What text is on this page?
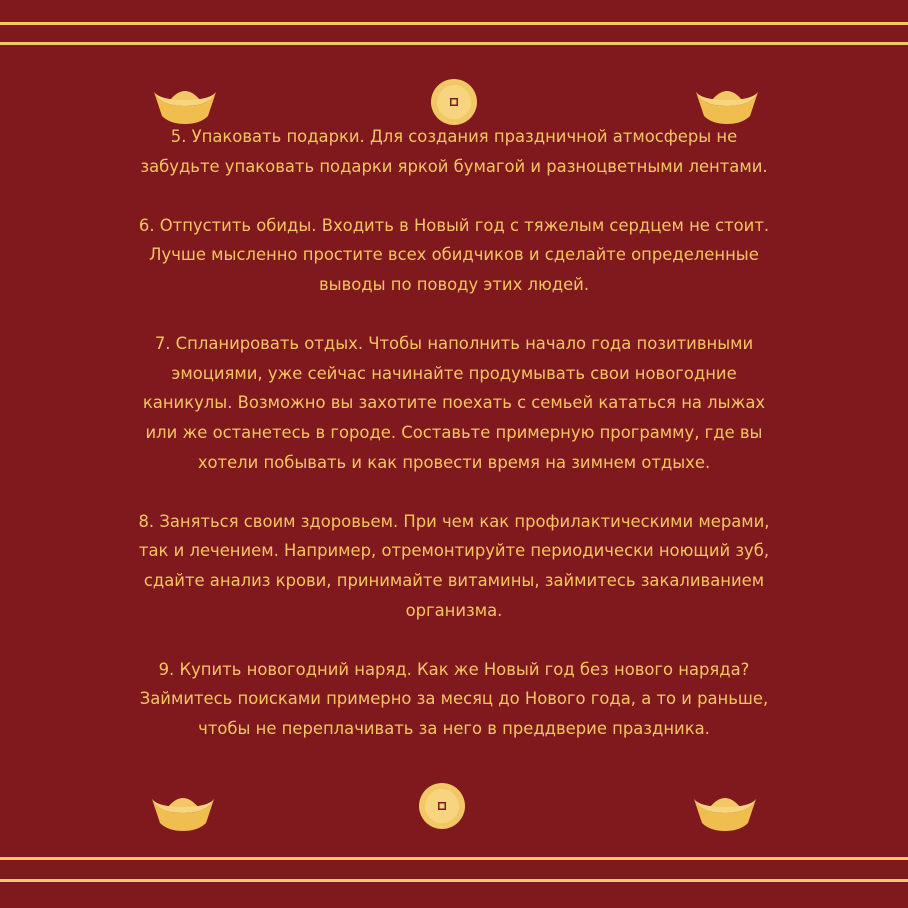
5. Упаковать подарки. Для создания праздничной атмосферы не
забудьте упаковать подарки яркой бумагой и разноцветными лентами.

6. Отпустить обиды. Входить в Новый год с тяжелым сердцем не стоит.
Лучше мысленно простите всех обидчиков и сделайте определенные
выводы по поводу этих людей.

7. Спланировать отдых. Чтобы наполнить начало года позитивными
эмоциями, уже сейчас начинайте продумывать свои новогодние
каникулы. Возможно вы захотите поехать с семьей кататься на лыжах
или же останетесь в городе. Составьте примерную программу, где вы
хотели побывать и как провести время на зимнем отдыхе.

8. Заняться своим здоровьем. При чем как профилактическими мерами,
так и лечением. Например, отремонтируйте периодически ноющий зуб,
сдайте анализ крови, принимайте витамины, займитесь закаливанием
организма.

9. Купить новогодний наряд. Как же Новый год без нового наряда?
Займитесь поисками примерно за месяц до Нового года, а то и раньше,
чтобы не переплачивать за него в преддверие праздника.
